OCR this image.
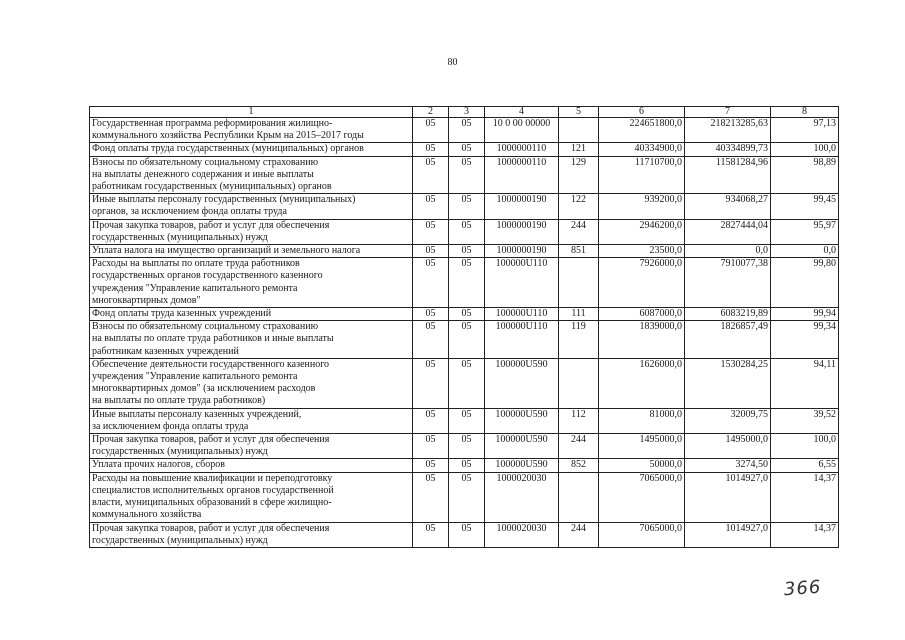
80
1	2	3	4	5	6	7	8
Государственная программа реформирования жилищно-
коммунального хозяйства Республики Крым на 2015–2017 годы	05	05	10 0 00 00000		224651800,0	218213285,63	97,13
Фонд оплаты труда государственных (муниципальных) органов	05	05	1000000110	121	40334900,0	40334899,73	100,0
Взносы по обязательному социальному страхованию
на выплаты денежного содержания и иные выплаты
работникам государственных (муниципальных) органов	05	05	1000000110	129	11710700,0	11581284,96	98,89
Иные выплаты персоналу государственных (муниципальных)
органов, за исключением фонда оплаты труда	05	05	1000000190	122	939200,0	934068,27	99,45
Прочая закупка товаров, работ и услуг для обеспечения
государственных (муниципальных) нужд	05	05	1000000190	244	2946200,0	2827444,04	95,97
Уплата налога на имущество организаций и земельного налога	05	05	1000000190	851	23500,0	0,0	0,0
Расходы на выплаты по оплате труда работников
государственных органов государственного казенного
учреждения "Управление капитального ремонта
многоквартирных домов"	05	05	100000U110		7926000,0	7910077,38	99,80
Фонд оплаты труда казенных учреждений	05	05	100000U110	111	6087000,0	6083219,89	99,94
Взносы по обязательному социальному страхованию
на выплаты по оплате труда работников и иные выплаты
работникам казенных учреждений	05	05	100000U110	119	1839000,0	1826857,49	99,34
Обеспечение деятельности государственного казенного
учреждения "Управление капитального ремонта
многоквартирных домов" (за исключением расходов
на выплаты по оплате труда работников)	05	05	100000U590		1626000,0	1530284,25	94,11
Иные выплаты персоналу казенных учреждений,
за исключением фонда оплаты труда	05	05	100000U590	112	81000,0	32009,75	39,52
Прочая закупка товаров, работ и услуг для обеспечения
государственных (муниципальных) нужд	05	05	100000U590	244	1495000,0	1495000,0	100,0
Уплата прочих налогов, сборов	05	05	100000U590	852	50000,0	3274,50	6,55
Расходы на повышение квалификации и переподготовку
специалистов исполнительных органов государственной
власти, муниципальных образований в сфере жилищно-
коммунального хозяйства	05	05	1000020030		7065000,0	1014927,0	14,37
Прочая закупка товаров, работ и услуг для обеспечения
государственных (муниципальных) нужд	05	05	1000020030	244	7065000,0	1014927,0	14,37
366
